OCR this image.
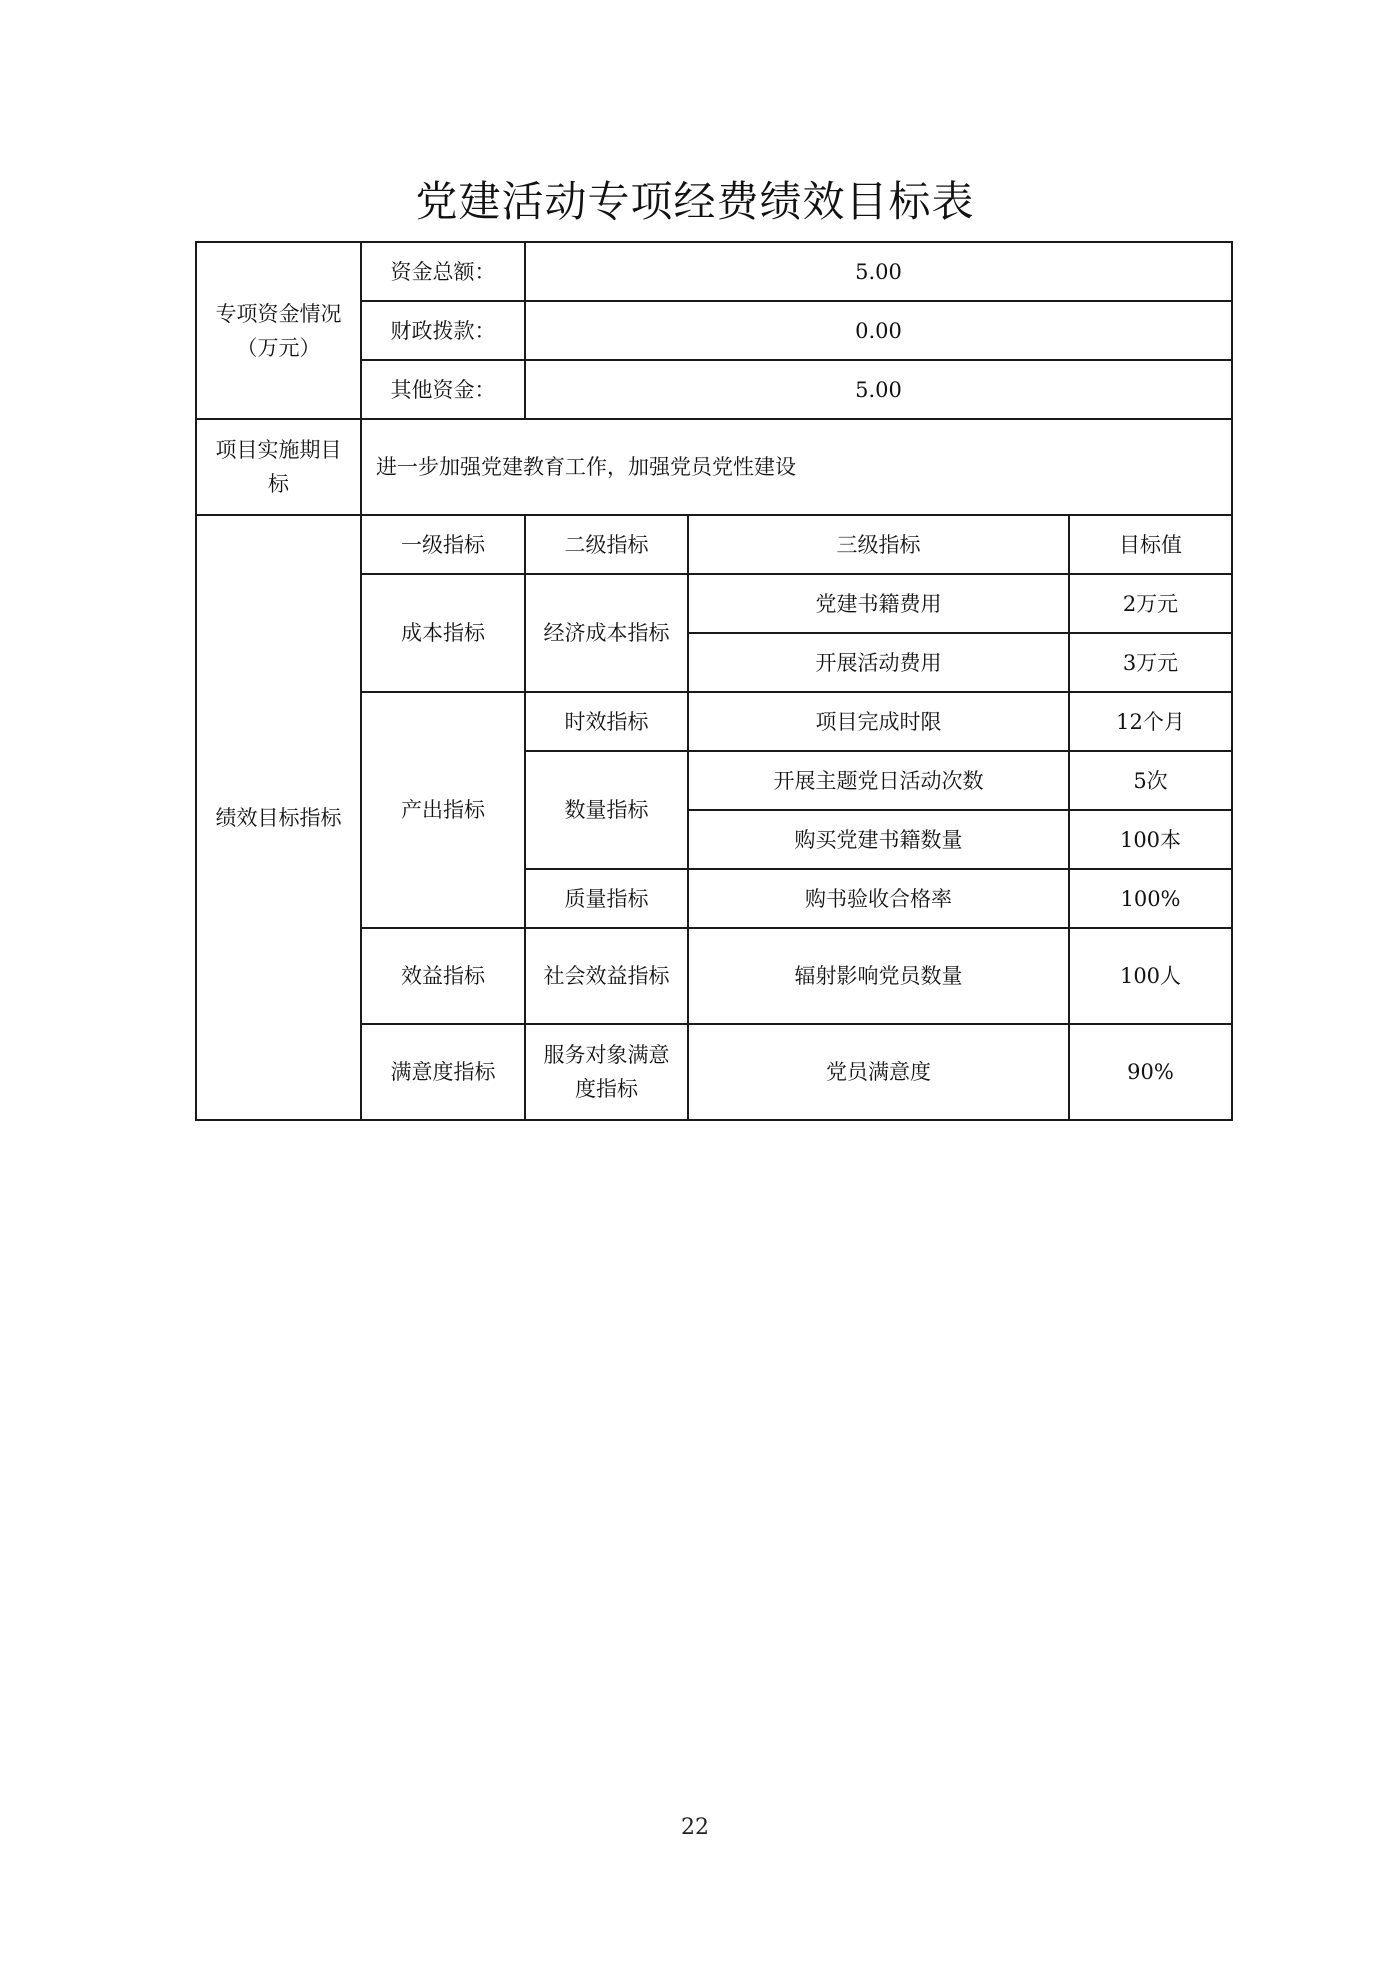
党建活动专项经费绩效目标表
专项资金情况（万元）	资金总额：	5.00		
	财政拨款：	0.00		
	其他资金：	5.00		
项目实施期目标	进一步加强党建教育工作，加强党员党性建设			
绩效目标指标	一级指标	二级指标	三级指标	目标值
	成本指标	经济成本指标	党建书籍费用	2万元
			开展活动费用	3万元
	产出指标	时效指标	项目完成时限	12个月
		数量指标	开展主题党日活动次数	5次
			购买党建书籍数量	100本
		质量指标	购书验收合格率	100%
	效益指标	社会效益指标	辐射影响党员数量	100人
	满意度指标	服务对象满意度指标	党员满意度	90%
22
